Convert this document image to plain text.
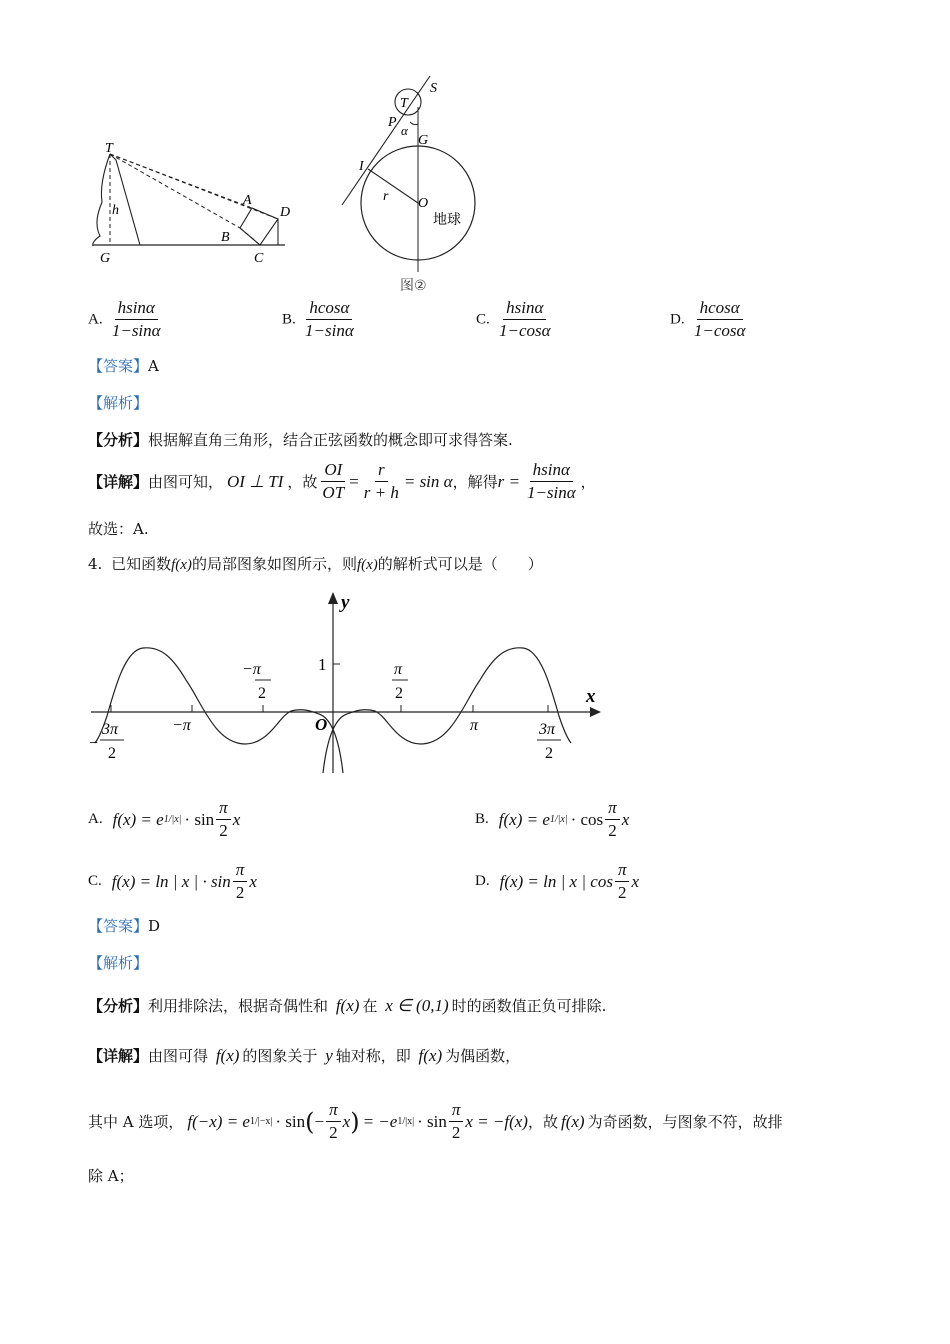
T
h
A
D
B
G	C
T
S
P
α
G
I
r O
地球
图②
A. $\frac{hsin\alpha}{1-\sin\alpha}$	B. $\frac{hcos\alpha}{1-\sin\alpha}$	C. $\frac{hsin\alpha}{1-\cos\alpha}$	D. $\frac{hcos\alpha}{1-\cos\alpha}$
【答案】A
【解析】
【分析】根据解直角三角形，结合正弦函数的概念即可求得答案.
【详解】 由图可知， OI ⊥ TI ，故 $\frac{OI}{OT} = \frac{r}{r + h} = \sin \alpha$ ，解得 $r = \frac{hsin\alpha}{1-\sin\alpha}$ ，
故选：A.
4. 已知函数f(x)的局部图象如图所示，则f(x)的解析式可以是（　　）
y
x
O
1
−π
2
π
2
−π	π
−
3π
2
3π
2
A. f(x) = e $1/|x| \cdot \sin \frac{\pi}{2}$ x	B. f(x) = e $1/|x| \cdot \cos \frac{\pi}{2}$ x
C. f(x) = ln | x | · $\sin \frac{\pi}{2}$ x	D. f(x) = ln | x | $\cos \frac{\pi}{2}$ x
【答案】D
【解析】
【分析】利用排除法，根据奇偶性和 f(x) 在 x ∈ (0,1) 时的函数值正负可排除.
【详解】由图可得 f(x) 的图象关于 y 轴对称，即 f(x) 为偶函数，
其中 A 选项， f(−x) = e 1/|−x| · sin ( − $\frac{\pi}{2}$ x ) = −e $1/|x| \cdot \sin \frac{\pi}{2}$ x = −f(x) ，故 f(x) 为奇函数，与图象不符，故排
除 A；
